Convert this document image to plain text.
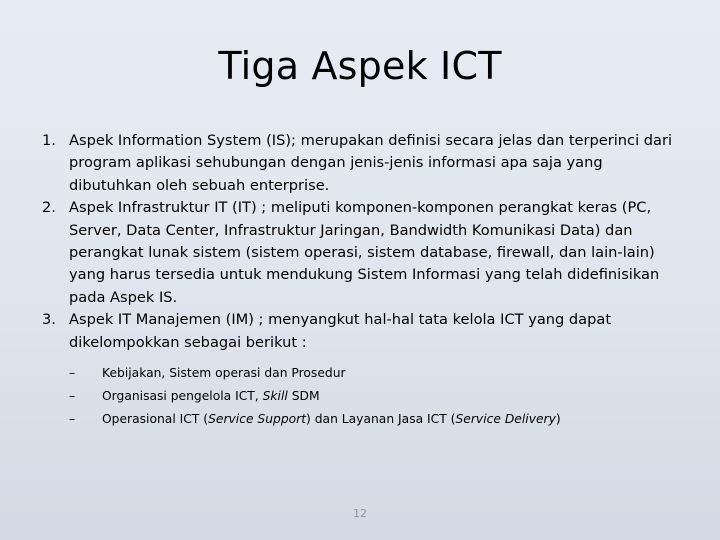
Tiga Aspek ICT
1. Aspek Information System (IS); merupakan definisi secara jelas dan terperinci dari program aplikasi sehubungan dengan jenis-jenis informasi apa saja yang dibutuhkan oleh sebuah enterprise.
2. Aspek Infrastruktur IT (IT) ; meliputi komponen-komponen perangkat keras (PC, Server, Data Center, Infrastruktur Jaringan, Bandwidth Komunikasi Data) dan perangkat lunak sistem (sistem operasi, sistem database, firewall, dan lain-lain) yang harus tersedia untuk mendukung Sistem Informasi yang telah didefinisikan pada Aspek IS.
3. Aspek IT Manajemen (IM) ; menyangkut hal-hal tata kelola ICT yang dapat dikelompokkan sebagai berikut :
– Kebijakan, Sistem operasi dan Prosedur
– Organisasi pengelola ICT, Skill SDM
– Operasional ICT (Service Support) dan Layanan Jasa ICT (Service Delivery)
12
